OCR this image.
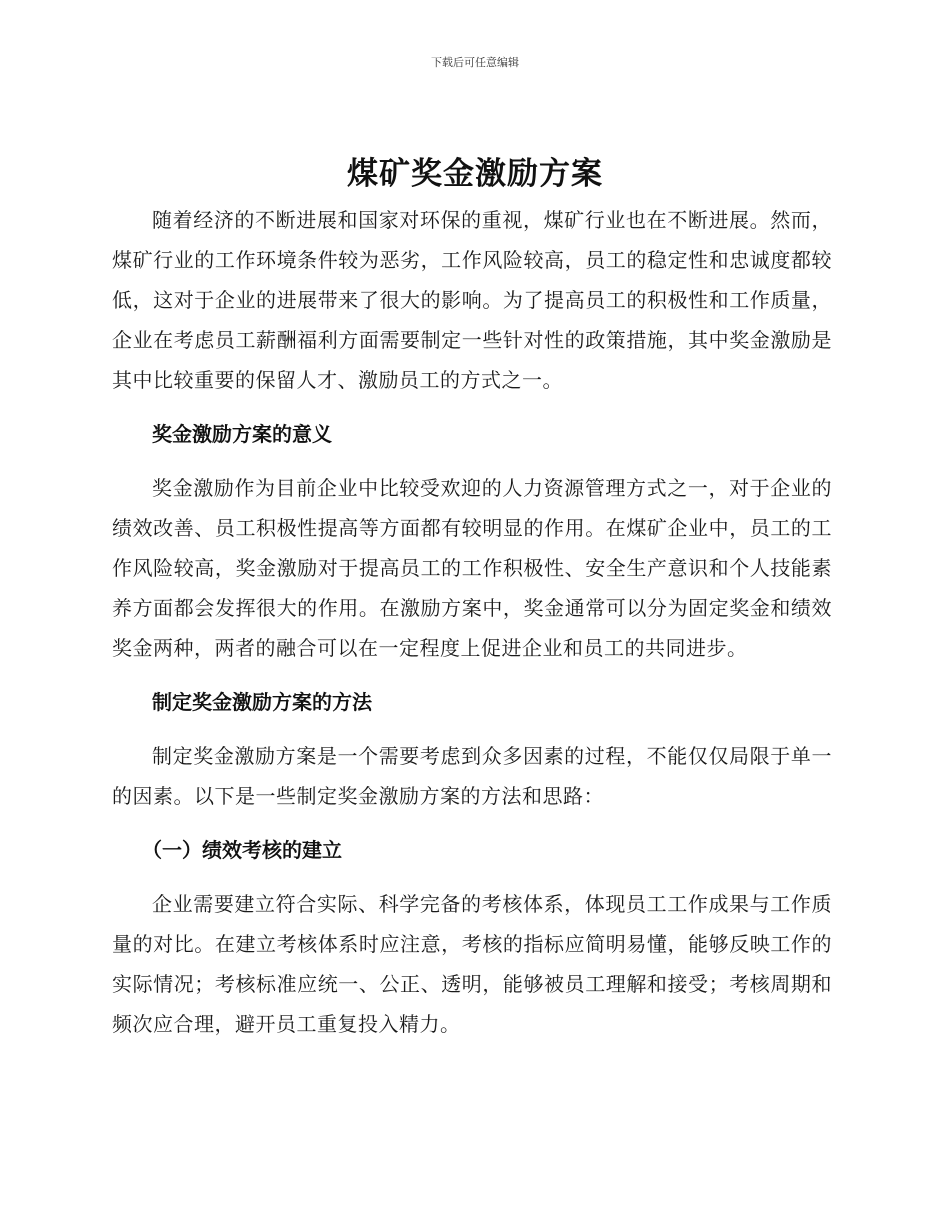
下载后可任意编辑
煤矿奖金激励方案

随着经济的不断进展和国家对环保的重视，煤矿行业也在不断进展。然而，煤矿行业的工作环境条件较为恶劣，工作风险较高，员工的稳定性和忠诚度都较低，这对于企业的进展带来了很大的影响。为了提高员工的积极性和工作质量，企业在考虑员工薪酬福利方面需要制定一些针对性的政策措施，其中奖金激励是其中比较重要的保留人才、激励员工的方式之一。

奖金激励方案的意义

奖金激励作为目前企业中比较受欢迎的人力资源管理方式之一，对于企业的绩效改善、员工积极性提高等方面都有较明显的作用。在煤矿企业中，员工的工作风险较高，奖金激励对于提高员工的工作积极性、安全生产意识和个人技能素养方面都会发挥很大的作用。在激励方案中，奖金通常可以分为固定奖金和绩效奖金两种，两者的融合可以在一定程度上促进企业和员工的共同进步。

制定奖金激励方案的方法

制定奖金激励方案是一个需要考虑到众多因素的过程，不能仅仅局限于单一的因素。以下是一些制定奖金激励方案的方法和思路：

（一）绩效考核的建立

企业需要建立符合实际、科学完备的考核体系，体现员工工作成果与工作质量的对比。在建立考核体系时应注意，考核的指标应简明易懂，能够反映工作的实际情况；考核标准应统一、公正、透明，能够被员工理解和接受；考核周期和频次应合理，避开员工重复投入精力。
